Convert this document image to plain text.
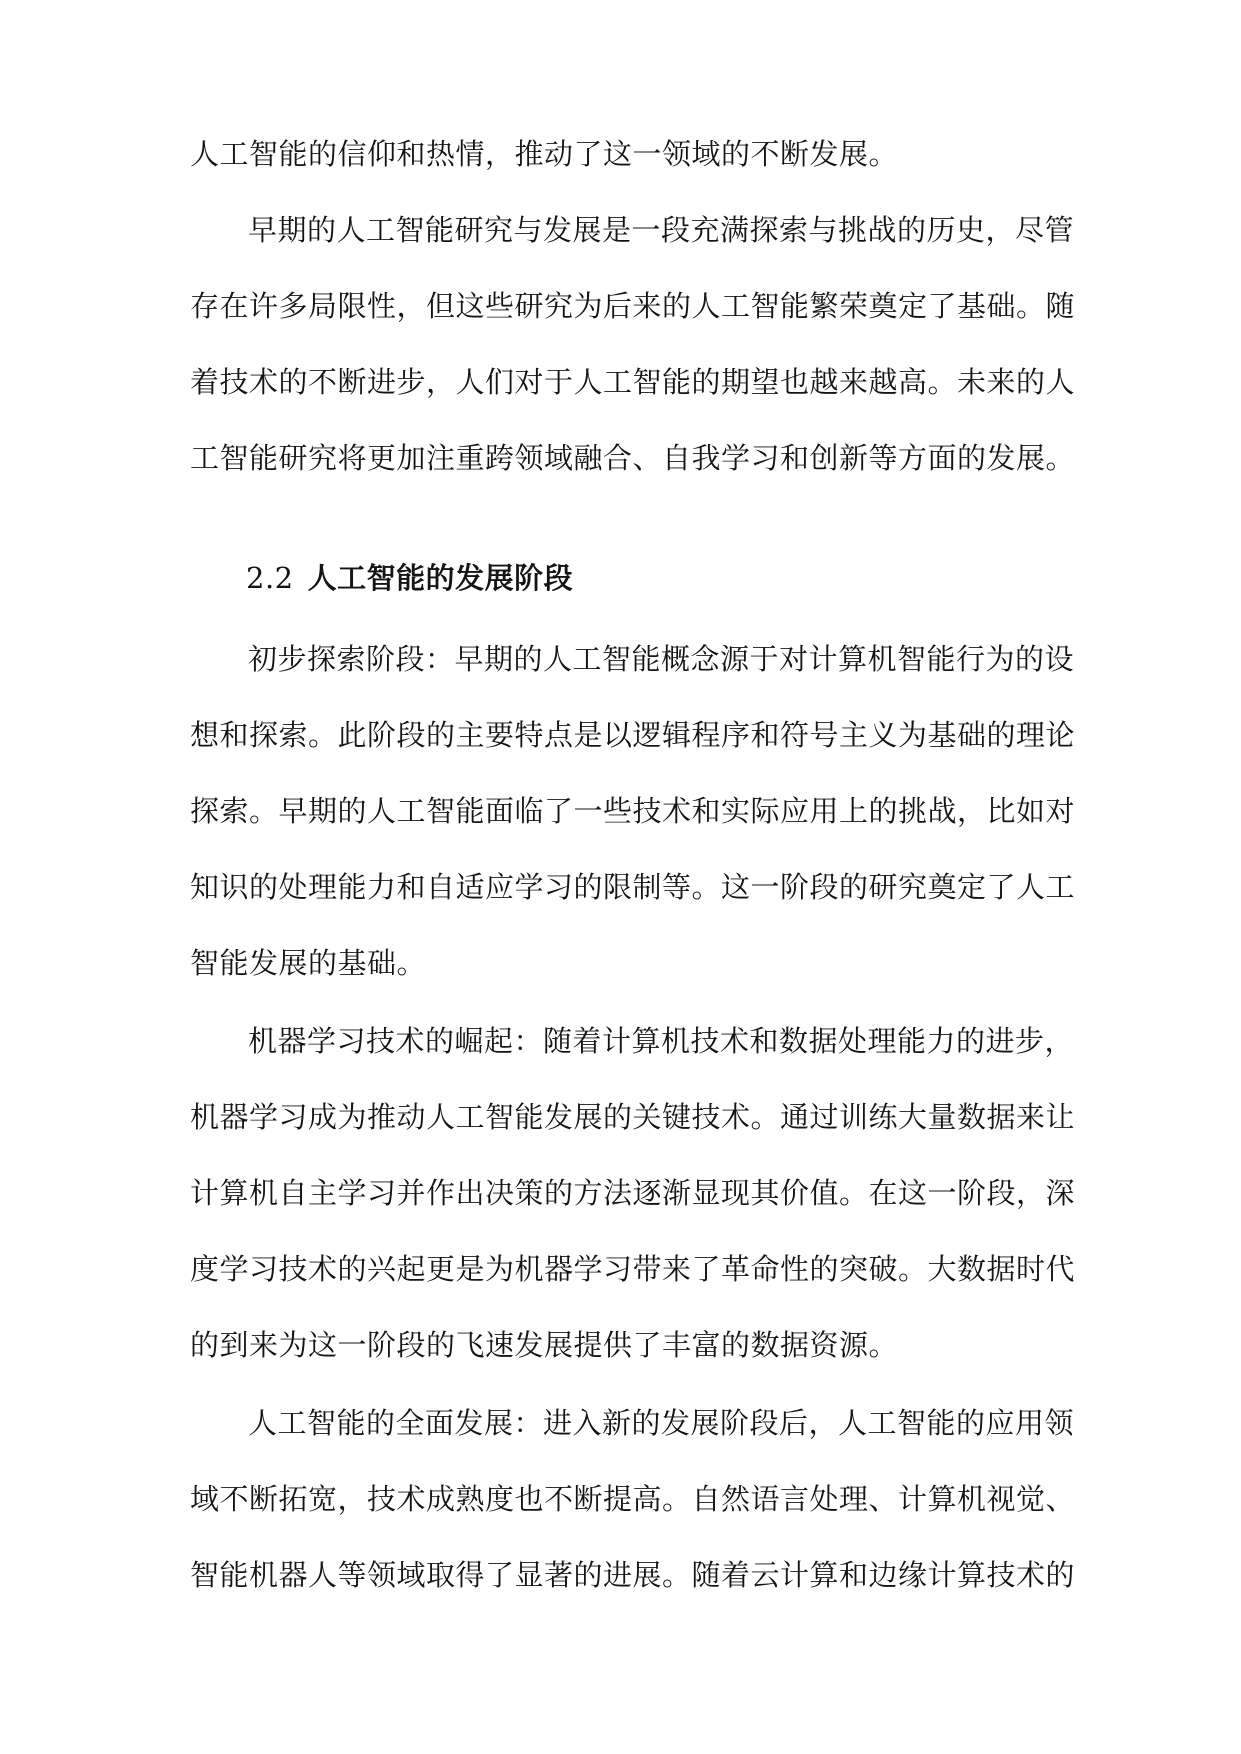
人工智能的信仰和热情，推动了这一领域的不断发展。
早期的人工智能研究与发展是一段充满探索与挑战的历史，尽管
存在许多局限性，但这些研究为后来的人工智能繁荣奠定了基础。随
着技术的不断进步，人们对于人工智能的期望也越来越高。未来的人
工智能研究将更加注重跨领域融合、自我学习和创新等方面的发展。
2.2 人工智能的发展阶段
初步探索阶段：早期的人工智能概念源于对计算机智能行为的设
想和探索。此阶段的主要特点是以逻辑程序和符号主义为基础的理论
探索。早期的人工智能面临了一些技术和实际应用上的挑战，比如对
知识的处理能力和自适应学习的限制等。这一阶段的研究奠定了人工
智能发展的基础。
机器学习技术的崛起：随着计算机技术和数据处理能力的进步，
机器学习成为推动人工智能发展的关键技术。通过训练大量数据来让
计算机自主学习并作出决策的方法逐渐显现其价值。在这一阶段，深
度学习技术的兴起更是为机器学习带来了革命性的突破。大数据时代
的到来为这一阶段的飞速发展提供了丰富的数据资源。
人工智能的全面发展：进入新的发展阶段后，人工智能的应用领
域不断拓宽，技术成熟度也不断提高。自然语言处理、计算机视觉、
智能机器人等领域取得了显著的进展。随着云计算和边缘计算技术的
